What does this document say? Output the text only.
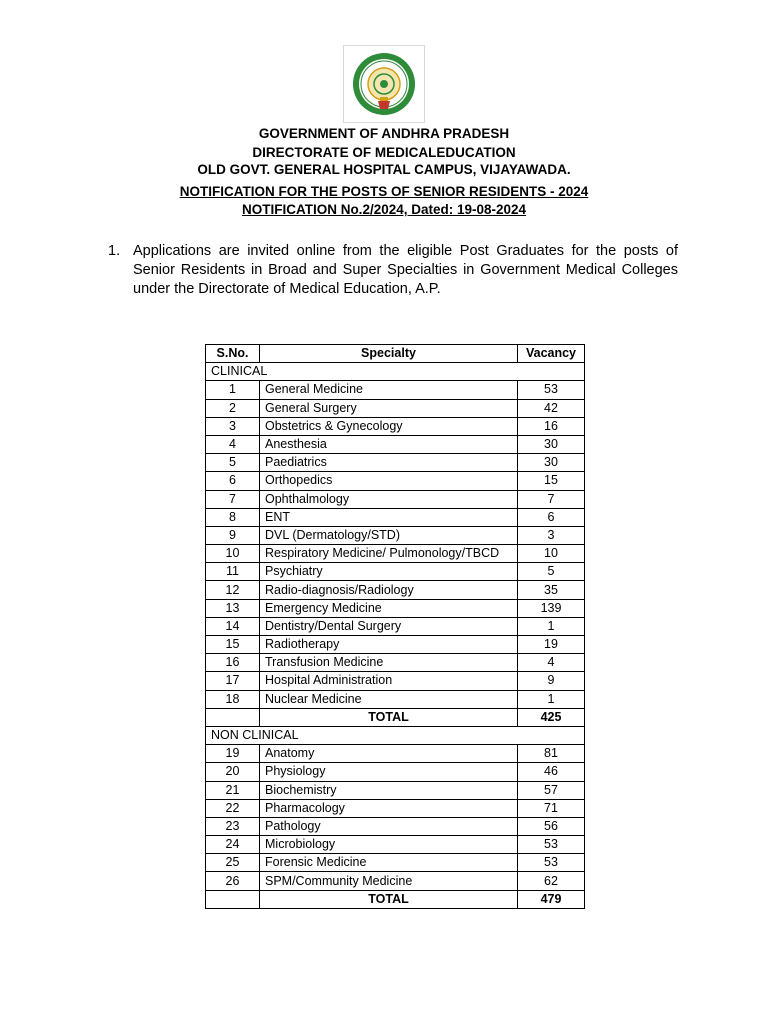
GOVERNMENT OF ANDHRA PRADESH
DIRECTORATE OF MEDICALEDUCATION
OLD GOVT. GENERAL HOSPITAL CAMPUS, VIJAYAWADA.
NOTIFICATION FOR THE POSTS OF SENIOR RESIDENTS - 2024
NOTIFICATION No.2/2024, Dated: 19-08-2024
1. Applications are invited online from the eligible Post Graduates for the posts of Senior Residents in Broad and Super Specialties in Government Medical Colleges under the Directorate of Medical Education, A.P.
S.No.	Specialty	Vacancy
CLINICAL		
1	General Medicine	53
2	General Surgery	42
3	Obstetrics & Gynecology	16
4	Anesthesia	30
5	Paediatrics	30
6	Orthopedics	15
7	Ophthalmology	7
8	ENT	6
9	DVL (Dermatology/STD)	3
10	Respiratory Medicine/ Pulmonology/TBCD	10
11	Psychiatry	5
12	Radio-diagnosis/Radiology	35
13	Emergency Medicine	139
14	Dentistry/Dental Surgery	1
15	Radiotherapy	19
16	Transfusion Medicine	4
17	Hospital Administration	9
18	Nuclear Medicine	1
	TOTAL	425
NON CLINICAL		
19	Anatomy	81
20	Physiology	46
21	Biochemistry	57
22	Pharmacology	71
23	Pathology	56
24	Microbiology	53
25	Forensic Medicine	53
26	SPM/Community Medicine	62
	TOTAL	479
